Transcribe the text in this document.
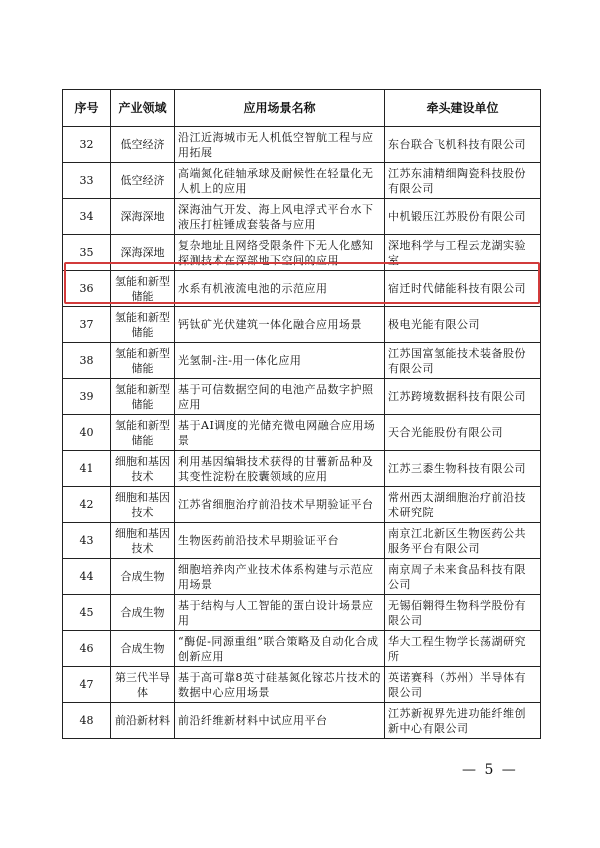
序号	产业领域	应用场景名称	牵头建设单位
32	低空经济	沿江近海城市无人机低空智航工程与应用拓展	东台联合飞机科技有限公司
33	低空经济	高端氮化硅轴承球及耐候性在轻量化无人机上的应用	江苏东浦精细陶瓷科技股份有限公司
34	深海深地	深海油气开发、海上风电浮式平台水下液压打桩锤成套装备与应用	中机锻压江苏股份有限公司
35	深海深地	复杂地址且网络受限条件下无人化感知探测技术在深部地下空间的应用	深地科学与工程云龙湖实验室
36	氢能和新型储能	水系有机液流电池的示范应用	宿迁时代储能科技有限公司
37	氢能和新型储能	钙钛矿光伏建筑一体化融合应用场景	极电光能有限公司
38	氢能和新型储能	光氢制-注-用一体化应用	江苏国富氢能技术装备股份有限公司
39	氢能和新型储能	基于可信数据空间的电池产品数字护照应用	江苏跨境数据科技有限公司
40	氢能和新型储能	基于AI调度的光储充微电网融合应用场景	天合光能股份有限公司
41	细胞和基因技术	利用基因编辑技术获得的甘薯新品种及其变性淀粉在胶囊领域的应用	江苏三黍生物科技有限公司
42	细胞和基因技术	江苏省细胞治疗前沿技术早期验证平台	常州西太湖细胞治疗前沿技术研究院
43	细胞和基因技术	生物医药前沿技术早期验证平台	南京江北新区生物医药公共服务平台有限公司
44	合成生物	细胞培养肉产业技术体系构建与示范应用场景	南京周子未来食品科技有限公司
45	合成生物	基于结构与人工智能的蛋白设计场景应用	无锡佰翱得生物科学股份有限公司
46	合成生物	“酶促-同源重组”联合策略及自动化合成创新应用	华大工程生物学长荡湖研究所
47	第三代半导体	基于高可靠8英寸硅基氮化镓芯片技术的数据中心应用场景	英诺赛科（苏州）半导体有限公司
48	前沿新材料	前沿纤维新材料中试应用平台	江苏新视界先进功能纤维创新中心有限公司
— 5 —
